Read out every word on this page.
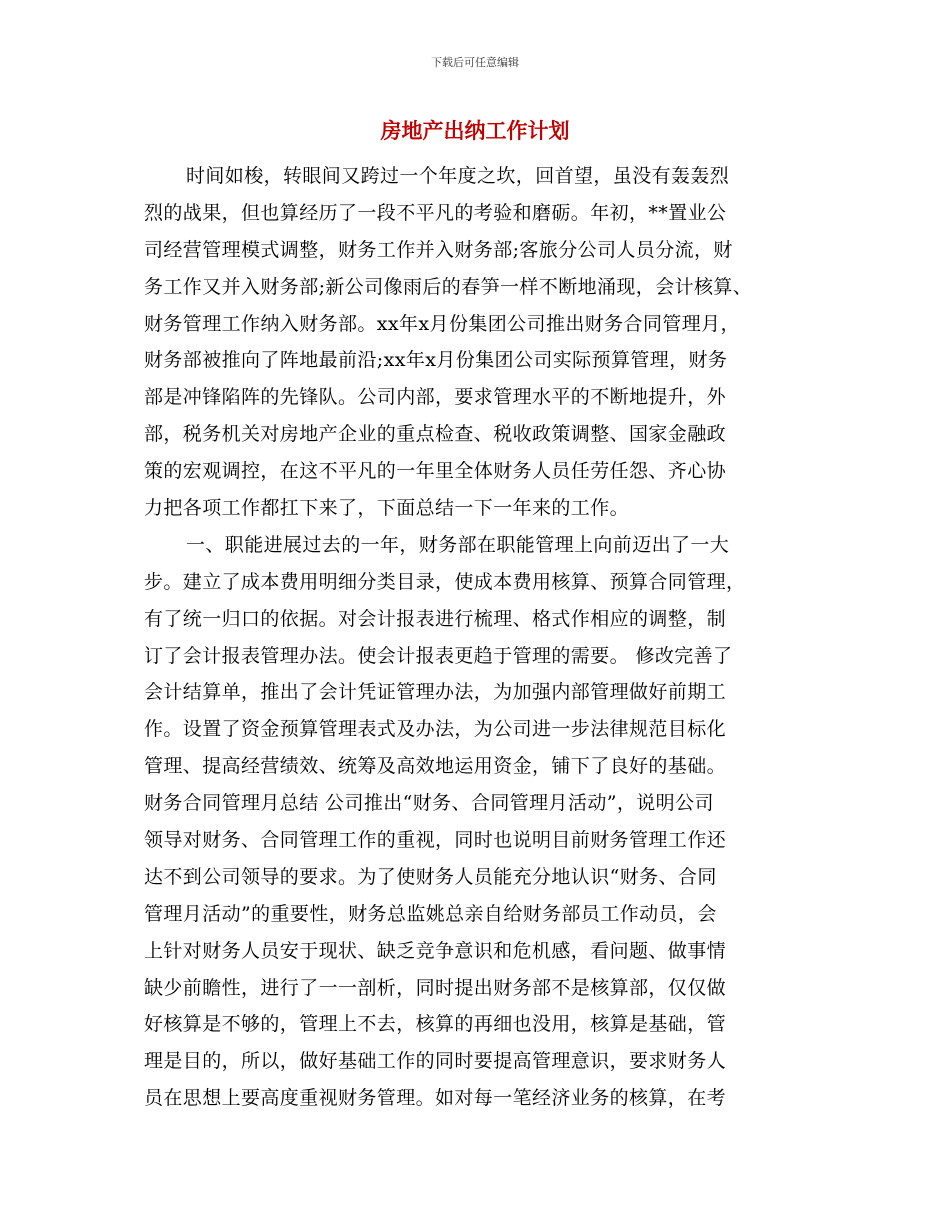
下载后可任意编辑
房地产出纳工作计划
时间如梭，转眼间又跨过一个年度之坎，回首望，虽没有轰轰烈
烈的战果，但也算经历了一段不平凡的考验和磨砺。年初，**置业公
司经营管理模式调整，财务工作并入财务部;客旅分公司人员分流，财
务工作又并入财务部;新公司像雨后的春笋一样不断地涌现，会计核算、
财务管理工作纳入财务部。xx年x月份集团公司推出财务合同管理月，
财务部被推向了阵地最前沿;xx年x月份集团公司实际预算管理，财务
部是冲锋陷阵的先锋队。公司内部，要求管理水平的不断地提升，外
部，税务机关对房地产企业的重点检查、税收政策调整、国家金融政
策的宏观调控，在这不平凡的一年里全体财务人员任劳任怨、齐心协
力把各项工作都扛下来了，下面总结一下一年来的工作。
一、职能进展过去的一年，财务部在职能管理上向前迈出了一大
步。建立了成本费用明细分类目录，使成本费用核算、预算合同管理，
有了统一归口的依据。对会计报表进行梳理、格式作相应的调整，制
订了会计报表管理办法。使会计报表更趋于管理的需要。 修改完善了
会计结算单，推出了会计凭证管理办法，为加强内部管理做好前期工
作。设置了资金预算管理表式及办法，为公司进一步法律规范目标化
管理、提高经营绩效、统筹及高效地运用资金，铺下了良好的基础。
财务合同管理月总结 公司推出“财务、合同管理月活动”，说明公司
领导对财务、合同管理工作的重视，同时也说明目前财务管理工作还
达不到公司领导的要求。为了使财务人员能充分地认识“财务、合同
管理月活动”的重要性，财务总监姚总亲自给财务部员工作动员，会
上针对财务人员安于现状、缺乏竞争意识和危机感，看问题、做事情
缺少前瞻性，进行了一一剖析，同时提出财务部不是核算部，仅仅做
好核算是不够的，管理上不去，核算的再细也没用，核算是基础，管
理是目的，所以，做好基础工作的同时要提高管理意识，要求财务人
员在思想上要高度重视财务管理。如对每一笔经济业务的核算，在考
